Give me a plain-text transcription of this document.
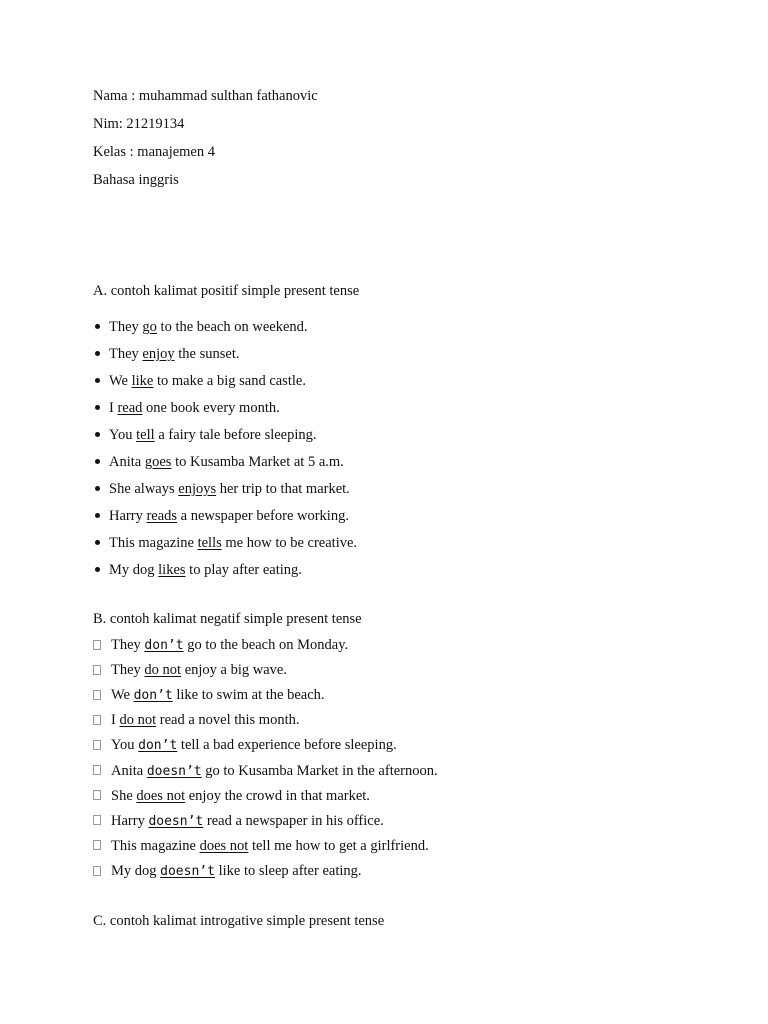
Nama : muhammad sulthan fathanovic
Nim: 21219134
Kelas : manajemen 4
Bahasa inggris
A. contoh kalimat positif simple present tense
They go to the beach on weekend.
They enjoy the sunset.
We like to make a big sand castle.
I read one book every month.
You tell a fairy tale before sleeping.
Anita goes to Kusamba Market at 5 a.m.
She always enjoys her trip to that market.
Harry reads a newspaper before working.
This magazine tells me how to be creative.
My dog likes to play after eating.
B. contoh kalimat negatif simple present tense
They don’t go to the beach on Monday.
They do not enjoy a big wave.
We don’t like to swim at the beach.
I do not read a novel this month.
You don’t tell a bad experience before sleeping.
Anita doesn’t go to Kusamba Market in the afternoon.
She does not enjoy the crowd in that market.
Harry doesn’t read a newspaper in his office.
This magazine does not tell me how to get a girlfriend.
My dog doesn’t like to sleep after eating.
C. contoh kalimat introgative simple present tense
